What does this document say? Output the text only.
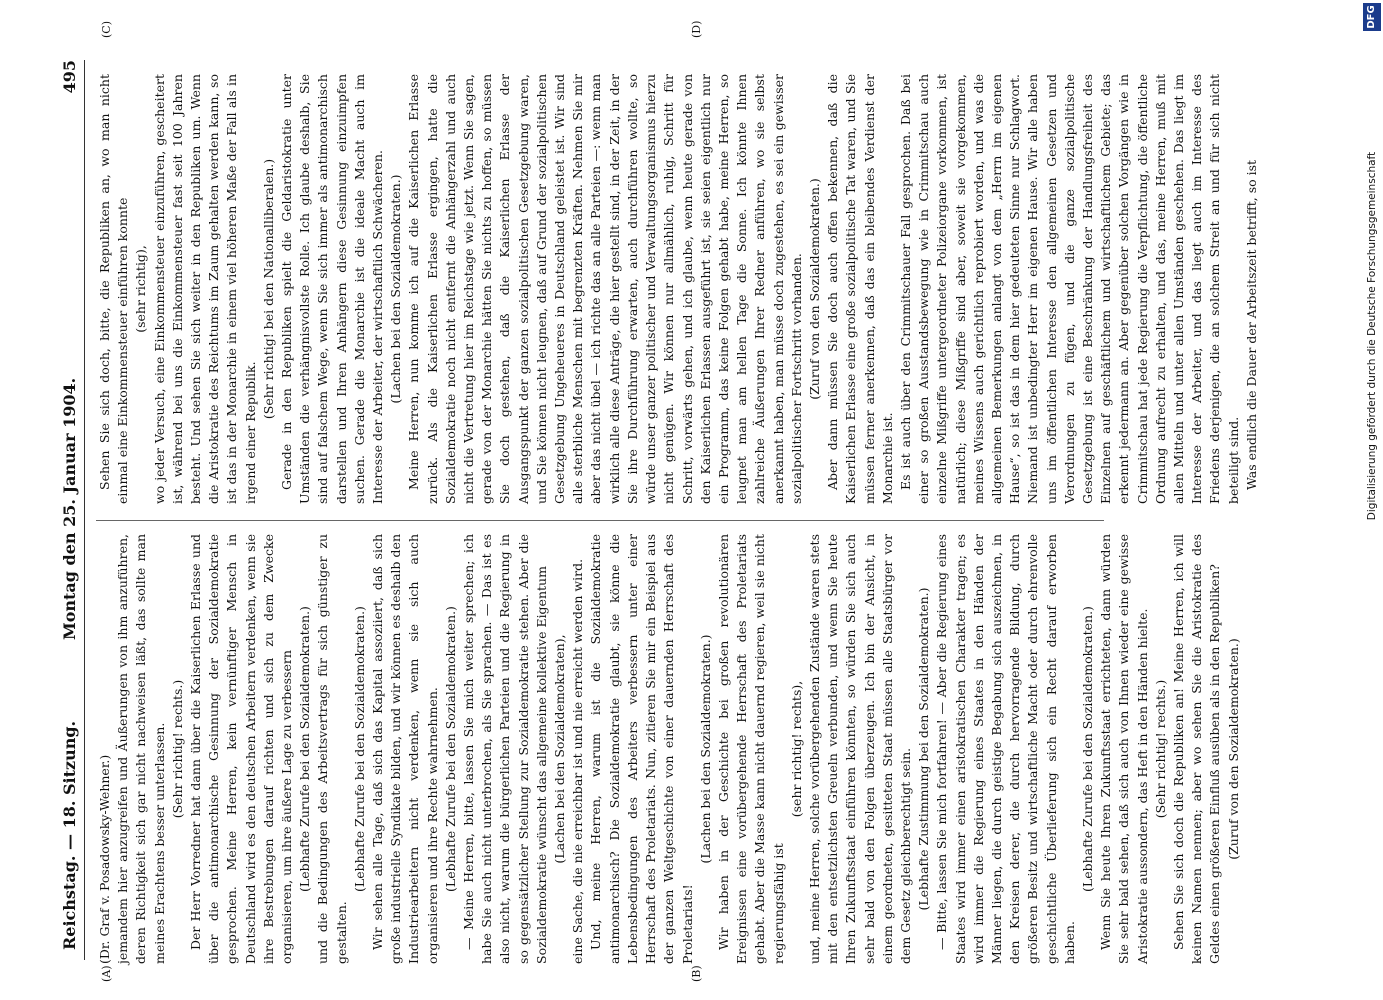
Reichstag. — 18. Sitzung.
Montag den 25. Januar 1904.
495
(A)	(B)
(C)	(D)

(Dr. Graf v. Posadowsky-Wehner.) jemandem hier anzugreifen und Äußerungen von ihm anzuführen, deren Richtigkeit sich gar nicht nachweisen läßt, das sollte man meines Erachtens besser unterlassen. (Sehr richtig! rechts.) Der Herr Vorredner hat dann über die Kaiserlichen Erlasse und über die antimonarchische Gesinnung der Sozialdemokratie gesprochen. Meine Herren, kein vernünftiger Mensch in Deutschland wird es den deutschen Arbeitern verdenken, wenn sie ihre Bestrebungen darauf richten und sich zu dem Zwecke organisieren, um ihre äußere Lage zu verbessern (Lebhafte Zurufe bei den Sozialdemokraten.) und die Bedingungen des Arbeitsvertrags für sich günstiger zu gestalten.

(Lebhafte Zurufe bei den Sozialdemokraten.) Wir sehen alle Tage, daß sich das Kapital assoziiert, daß sich große industrielle Syndikate bilden, und wir können es deshalb den Industriearbeitern nicht verdenken, wenn sie sich auch organisieren und ihre Rechte wahrnehmen. (Lebhafte Zurufe bei den Sozialdemokraten.) — Meine Herren, bitte, lassen Sie mich weiter sprechen; ich habe Sie auch nicht unterbrochen, als Sie sprachen. — Das ist es also nicht, warum die bürgerlichen Parteien und die Regierung in so gegensätzlicher Stellung zur Sozialdemokratie stehen. Aber die Sozialdemokratie wünscht das allgemeine kollektive Eigentum (Lachen bei den Sozialdemokraten), eine Sache, die nie erreichbar ist und nie erreicht werden wird. Und, meine Herren, warum ist die Sozialdemokratie antimonarchisch? Die Sozialdemokratie glaubt, sie könne die Lebensbedingungen des Arbeiters verbessern unter einer Herrschaft des Proletariats. Nun, zitieren Sie mir ein Beispiel aus der ganzen Weltgeschichte von einer dauernden Herrschaft des Proletariats!

(Lachen bei den Sozialdemokraten.) Wir haben in der Geschichte bei großen revolutionären Ereignissen eine vorübergehende Herrschaft des Proletariats gehabt. Aber die Masse kann nicht dauernd regieren, weil sie nicht regierungsfähig ist

(sehr richtig! rechts), und, meine Herren, solche vorübergehenden Zustände waren stets mit den entsetzlichsten Greueln verbunden, und wenn Sie heute Ihren Zukunftsstaat einführen könnten, so würden Sie sich auch sehr bald von den Folgen überzeugen. Ich bin der Ansicht, in einem geordneten, gesitteten Staat müssen alle Staatsbürger vor dem Gesetz gleichberechtigt sein. (Lebhafte Zustimmung bei den Sozialdemokraten.) — Bitte, lassen Sie mich fortfahren! — Aber die Regierung eines Staates wird immer einen aristokratischen Charakter tragen; es wird immer die Regierung eines Staates in den Händen der Männer liegen, die durch geistige Begabung sich auszeichnen, in den Kreisen derer, die durch hervorragende Bildung, durch größeren Besitz und wirtschaftliche Macht oder durch ehrenvolle geschichtliche Überlieferung sich ein Recht darauf erworben haben.

(Lebhafte Zurufe bei den Sozialdemokraten.) Wenn Sie heute Ihren Zukunftsstaat errichteten, dann würden Sie sehr bald sehen, daß sich auch von Ihnen wieder eine gewisse Aristokratie aussondern, das Heft in den Händen hielte. (Sehr richtig! rechts.) Sehen Sie sich doch die Republiken an! Meine Herren, ich will keinen Namen nennen; aber wo sehen Sie die Aristokratie des Geldes einen größeren Einfluß ausüben als in den Republiken? (Zuruf von den Sozialdemokraten.)

Sehen Sie sich doch, bitte, die Republiken an, wo man nicht einmal eine Einkommensteuer einführen konnte (sehr richtig), wo jeder Versuch, eine Einkommensteuer einzuführen, gescheitert ist, während bei uns die Einkommensteuer fast seit 100 Jahren besteht. Und sehen Sie sich weiter in den Republiken um. Wenn die Aristokratie des Reichtums im Zaum gehalten werden kann, so ist das in der Monarchie in einem viel höheren Maße der Fall als in irgend einer Republik.

(Sehr richtig! bei den Nationalliberalen.) Gerade in den Republiken spielt die Geldaristokratie unter Umständen die verhängnisvollste Rolle. Ich glaube deshalb, Sie sind auf falschem Wege, wenn Sie sich immer als antimonarchisch darstellen und Ihren Anhängern diese Gesinnung einzuimpfen suchen. Gerade die Monarchie ist die ideale Macht auch im Interesse der Arbeiter, der wirtschaftlich Schwächeren. (Lachen bei den Sozialdemokraten.) Meine Herren, nun komme ich auf die Kaiserlichen Erlasse zurück. Als die Kaiserlichen Erlasse ergingen, hatte die Sozialdemokratie noch nicht entfernt die Anhängerzahl und auch nicht die Vertretung hier im Reichstage wie jetzt. Wenn Sie sagen, gerade von der Monarchie hätten Sie nichts zu hoffen, so müssen Sie doch gestehen, daß die Kaiserlichen Erlasse der Ausgangspunkt der ganzen sozialpolitischen Gesetzgebung waren, und Sie können nicht leugnen, daß auf Grund der sozialpolitischen Gesetzgebung Ungeheueres in Deutschland geleistet ist. Wir sind alle sterbliche Menschen mit begrenzten Kräften. Nehmen Sie mir aber das nicht übel — ich richte das an alle Parteien —: wenn man wirklich alle diese Anträge, die hier gestellt sind, in der Zeit, in der Sie ihre Durchführung erwarten, auch durchführen wollte, so würde unser ganzer politischer und Verwaltungsorganismus hierzu nicht genügen. Wir können nur allmählich, ruhig, Schritt für Schritt, vorwärts gehen, und ich glaube, wenn heute gerade von den Kaiserlichen Erlassen ausgeführt ist, sie seien eigentlich nur ein Programm, das keine Folgen gehabt habe, meine Herren, so leugnet man am hellen Tage die Sonne. Ich könnte Ihnen zahlreiche Äußerungen Ihrer Redner anführen, wo sie selbst anerkannt haben, man müsse doch zugestehen, es sei ein gewisser sozialpolitischer Fortschritt vorhanden. (Zuruf von den Sozialdemokraten.) Aber dann müssen Sie doch auch offen bekennen, daß die Kaiserlichen Erlasse eine große sozialpolitische Tat waren, und Sie müssen ferner anerkennen, daß das ein bleibendes Verdienst der Monarchie ist. Es ist auch über den Crimmitschauer Fall gesprochen. Daß bei einer so großen Ausstandsbewegung wie in Crimmitschau auch einzelne Mißgriffe untergeordneter Polizeiorgane vorkommen, ist natürlich; diese Mißgriffe sind aber, soweit sie vorgekommen, meines Wissens auch gerichtlich reprobiert worden, und was die allgemeinen Bemerkungen anlangt von dem „Herrn im eigenen Hause“, so ist das in dem hier gedeuteten Sinne nur Schlagwort. Niemand ist unbedingter Herr im eigenen Hause. Wir alle haben uns im öffentlichen Interesse den allgemeinen Gesetzen und Verordnungen zu fügen, und die ganze sozialpolitische Gesetzgebung ist eine Beschränkung der Handlungsfreiheit des Einzelnen auf geschäftlichem und wirtschaftlichem Gebiete; das erkennt jedermann an. Aber gegenüber solchen Vorgängen wie in Crimmitschau hat jede Regierung die Verpflichtung, die öffentliche Ordnung aufrecht zu erhalten, und das, meine Herren, muß mit allen Mitteln und unter allen Umständen geschehen. Das liegt im Interesse der Arbeiter, und das liegt auch im Interesse des Friedens derjenigen, die an solchem Streit an und für sich nicht beteiligt sind. Was endlich die Dauer der Arbeitszeit betrifft, so ist

DFG
Digitalisierung gefördert durch die Deutsche Forschungsgemeinschaft
